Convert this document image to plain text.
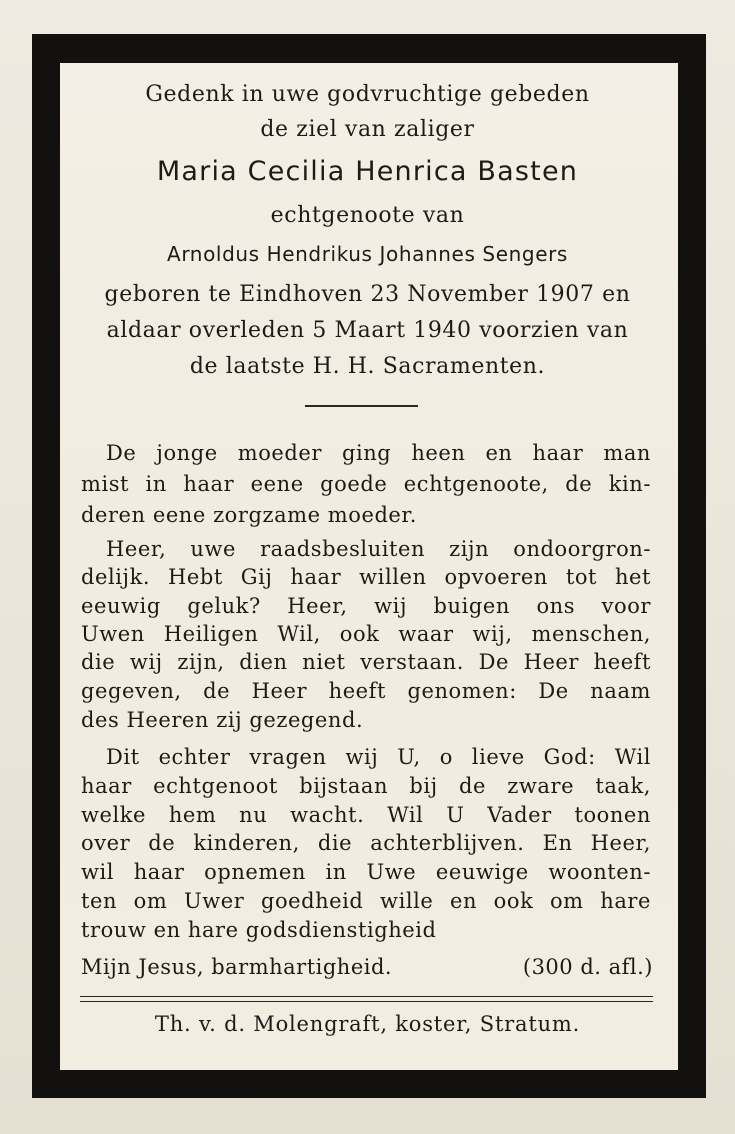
Gedenk in uwe godvruchtige gebeden
de ziel van zaliger
Maria Cecilia Henrica Basten
echtgenoote van
Arnoldus Hendrikus Johannes Sengers
geboren te Eindhoven 23 November 1907 en
aldaar overleden 5 Maart 1940 voorzien van
de laatste H. H. Sacramenten.
De jonge moeder ging heen en haar man
mist in haar eene goede echtgenoote, de kin-
deren eene zorgzame moeder.
Heer, uwe raadsbesluiten zijn ondoorgron-
delijk. Hebt Gij haar willen opvoeren tot het
eeuwig geluk? Heer, wij buigen ons voor
Uwen Heiligen Wil, ook waar wij, menschen,
die wij zijn, dien niet verstaan. De Heer heeft
gegeven, de Heer heeft genomen: De naam
des Heeren zij gezegend.
Dit echter vragen wij U, o lieve God: Wil
haar echtgenoot bijstaan bij de zware taak,
welke hem nu wacht. Wil U Vader toonen
over de kinderen, die achterblijven. En Heer,
wil haar opnemen in Uwe eeuwige woonten-
ten om Uwer goedheid wille en ook om hare
trouw en hare godsdienstigheid
Mijn Jesus, barmhartigheid.	(300 d. afl.)
Th. v. d. Molengraft, koster, Stratum.
